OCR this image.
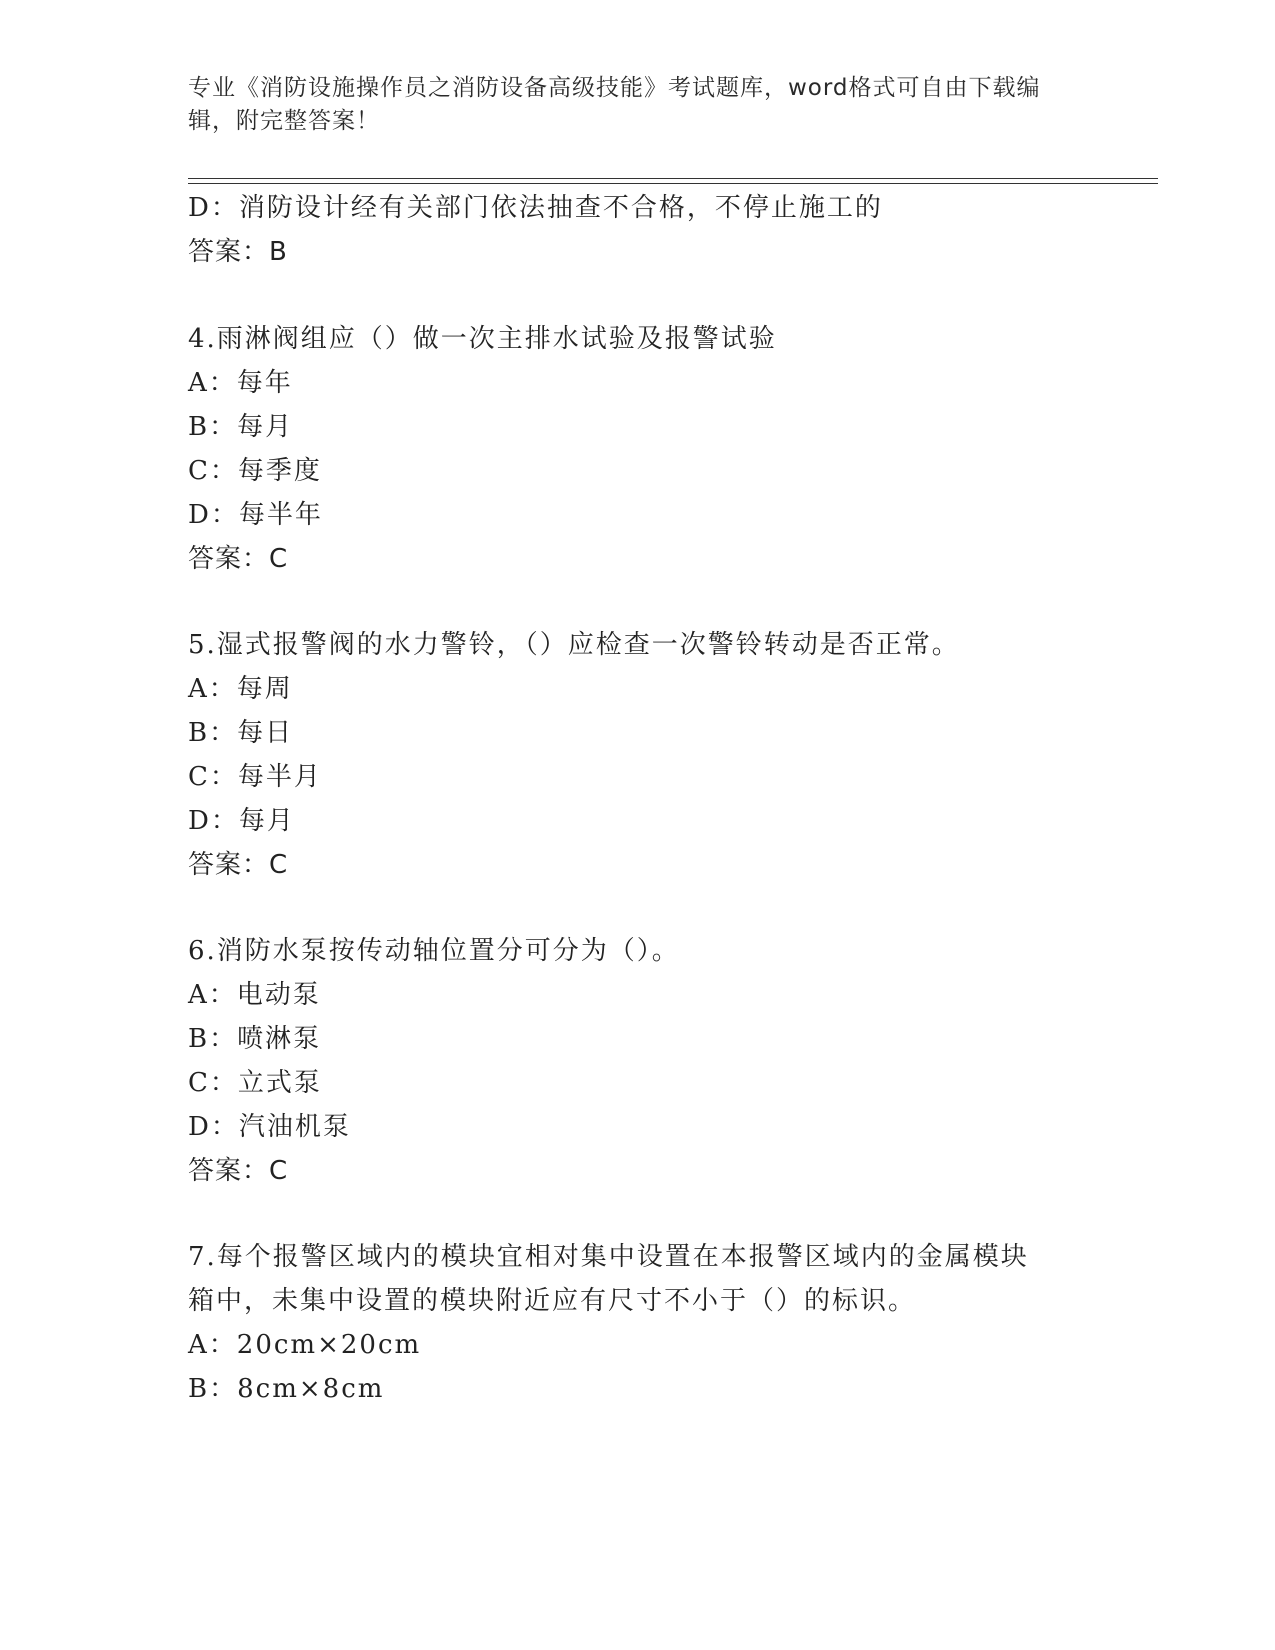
专业《消防设施操作员之消防设备高级技能》考试题库，word格式可自由下载编辑，附完整答案！
D：消防设计经有关部门依法抽查不合格，不停止施工的
答案：B
4.雨淋阀组应（）做一次主排水试验及报警试验
A：每年
B：每月
C：每季度
D：每半年
答案：C
5.湿式报警阀的水力警铃，（）应检查一次警铃转动是否正常。
A：每周
B：每日
C：每半月
D：每月
答案：C
6.消防水泵按传动轴位置分可分为（）。
A：电动泵
B：喷淋泵
C：立式泵
D：汽油机泵
答案：C
7.每个报警区域内的模块宜相对集中设置在本报警区域内的金属模块
箱中，未集中设置的模块附近应有尺寸不小于（）的标识。
A：20cm×20cm
B：8cm×8cm
